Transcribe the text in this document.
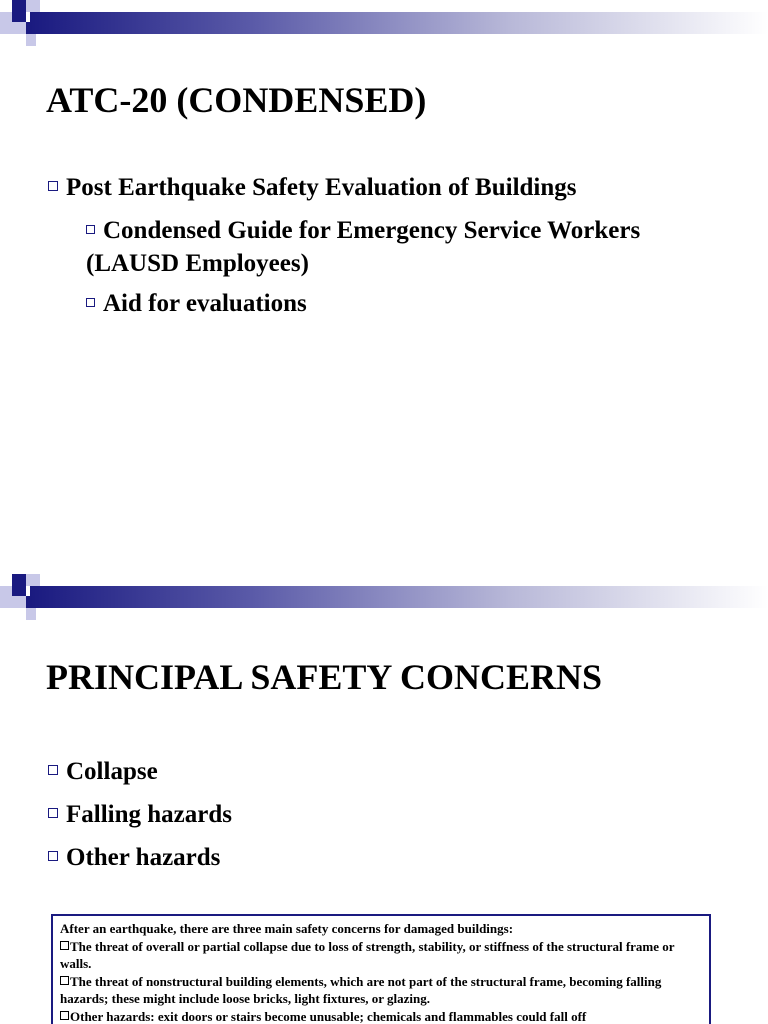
ATC-20 (CONDENSED)
Post Earthquake Safety Evaluation of Buildings
Condensed Guide for Emergency Service Workers
(LAUSD Employees)
Aid for evaluations
PRINCIPAL SAFETY CONCERNS
Collapse
Falling hazards
Other hazards
After an earthquake, there are three main safety concerns for damaged buildings:
The threat of overall or partial collapse due to loss of strength, stability, or stiffness of the structural frame or walls.
The threat of nonstructural building elements, which are not part of the structural frame, becoming falling hazards; these might include loose bricks, light fixtures, or glazing.
Other hazards: exit doors or stairs become unusable; chemicals and flammables could fall off
